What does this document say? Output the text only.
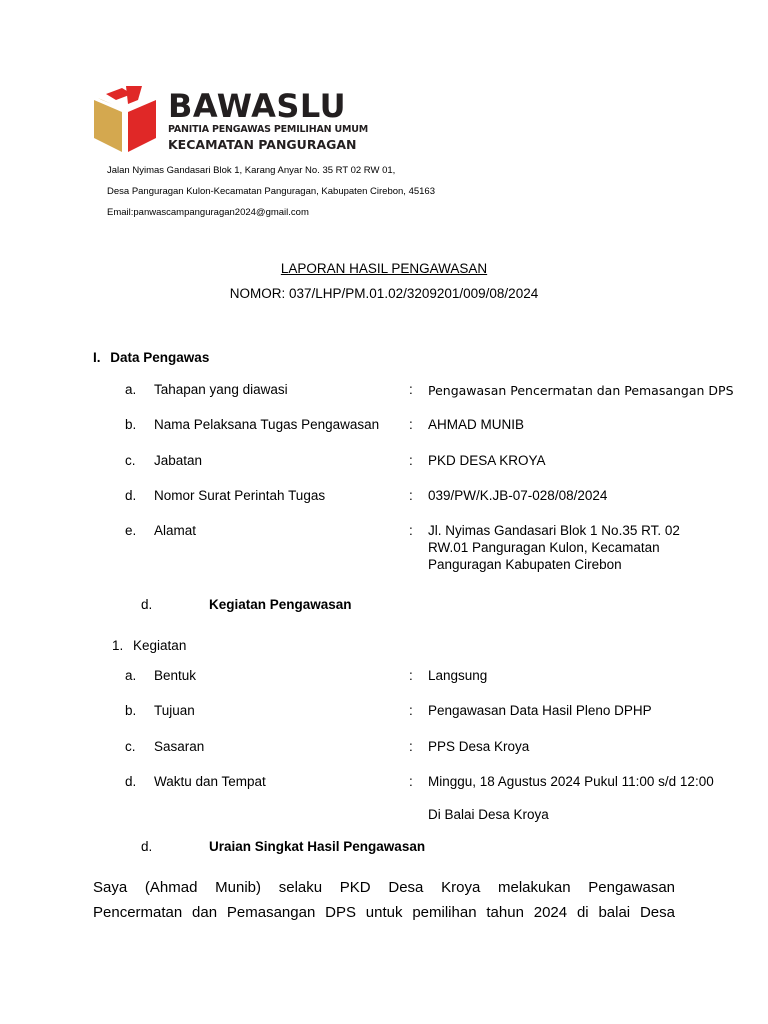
BAWASLU
PANITIA PENGAWAS PEMILIHAN UMUM
KECAMATAN PANGURAGAN
Jalan Nyimas Gandasari Blok 1, Karang Anyar No. 35 RT 02 RW 01,
Desa Panguragan Kulon-Kecamatan Panguragan, Kabupaten Cirebon, 45163
Email:panwascampanguragan2024@gmail.com
LAPORAN HASIL PENGAWASAN
NOMOR: 037/LHP/PM.01.02/3209201/009/08/2024
I. Data Pengawas
a. Tahapan yang diawasi	: Pengawasan Pencermatan dan Pemasangan DPS
b. Nama Pelaksana Tugas Pengawasan : AHMAD MUNIB
c. Jabatan	: PKD DESA KROYA
d. Nomor Surat Perintah Tugas	: 039/PW/K.JB-07-028/08/2024
e. Alamat	: Jl. Nyimas Gandasari Blok 1 No.35 RT. 02 RW.01 Panguragan Kulon, Kecamatan Panguragan Kabupaten Cirebon
d.	Kegiatan Pengawasan
1. Kegiatan
a. Bentuk	: Langsung
b. Tujuan	: Pengawasan Data Hasil Pleno DPHP
c. Sasaran	: PPS Desa Kroya
d. Waktu dan Tempat	: Minggu, 18 Agustus 2024 Pukul 11:00 s/d 12:00
Di Balai Desa Kroya
d.	Uraian Singkat Hasil Pengawasan
Saya (Ahmad Munib) selaku PKD Desa Kroya melakukan Pengawasan
Pencermatan dan Pemasangan DPS untuk pemilihan tahun 2024 di balai Desa
